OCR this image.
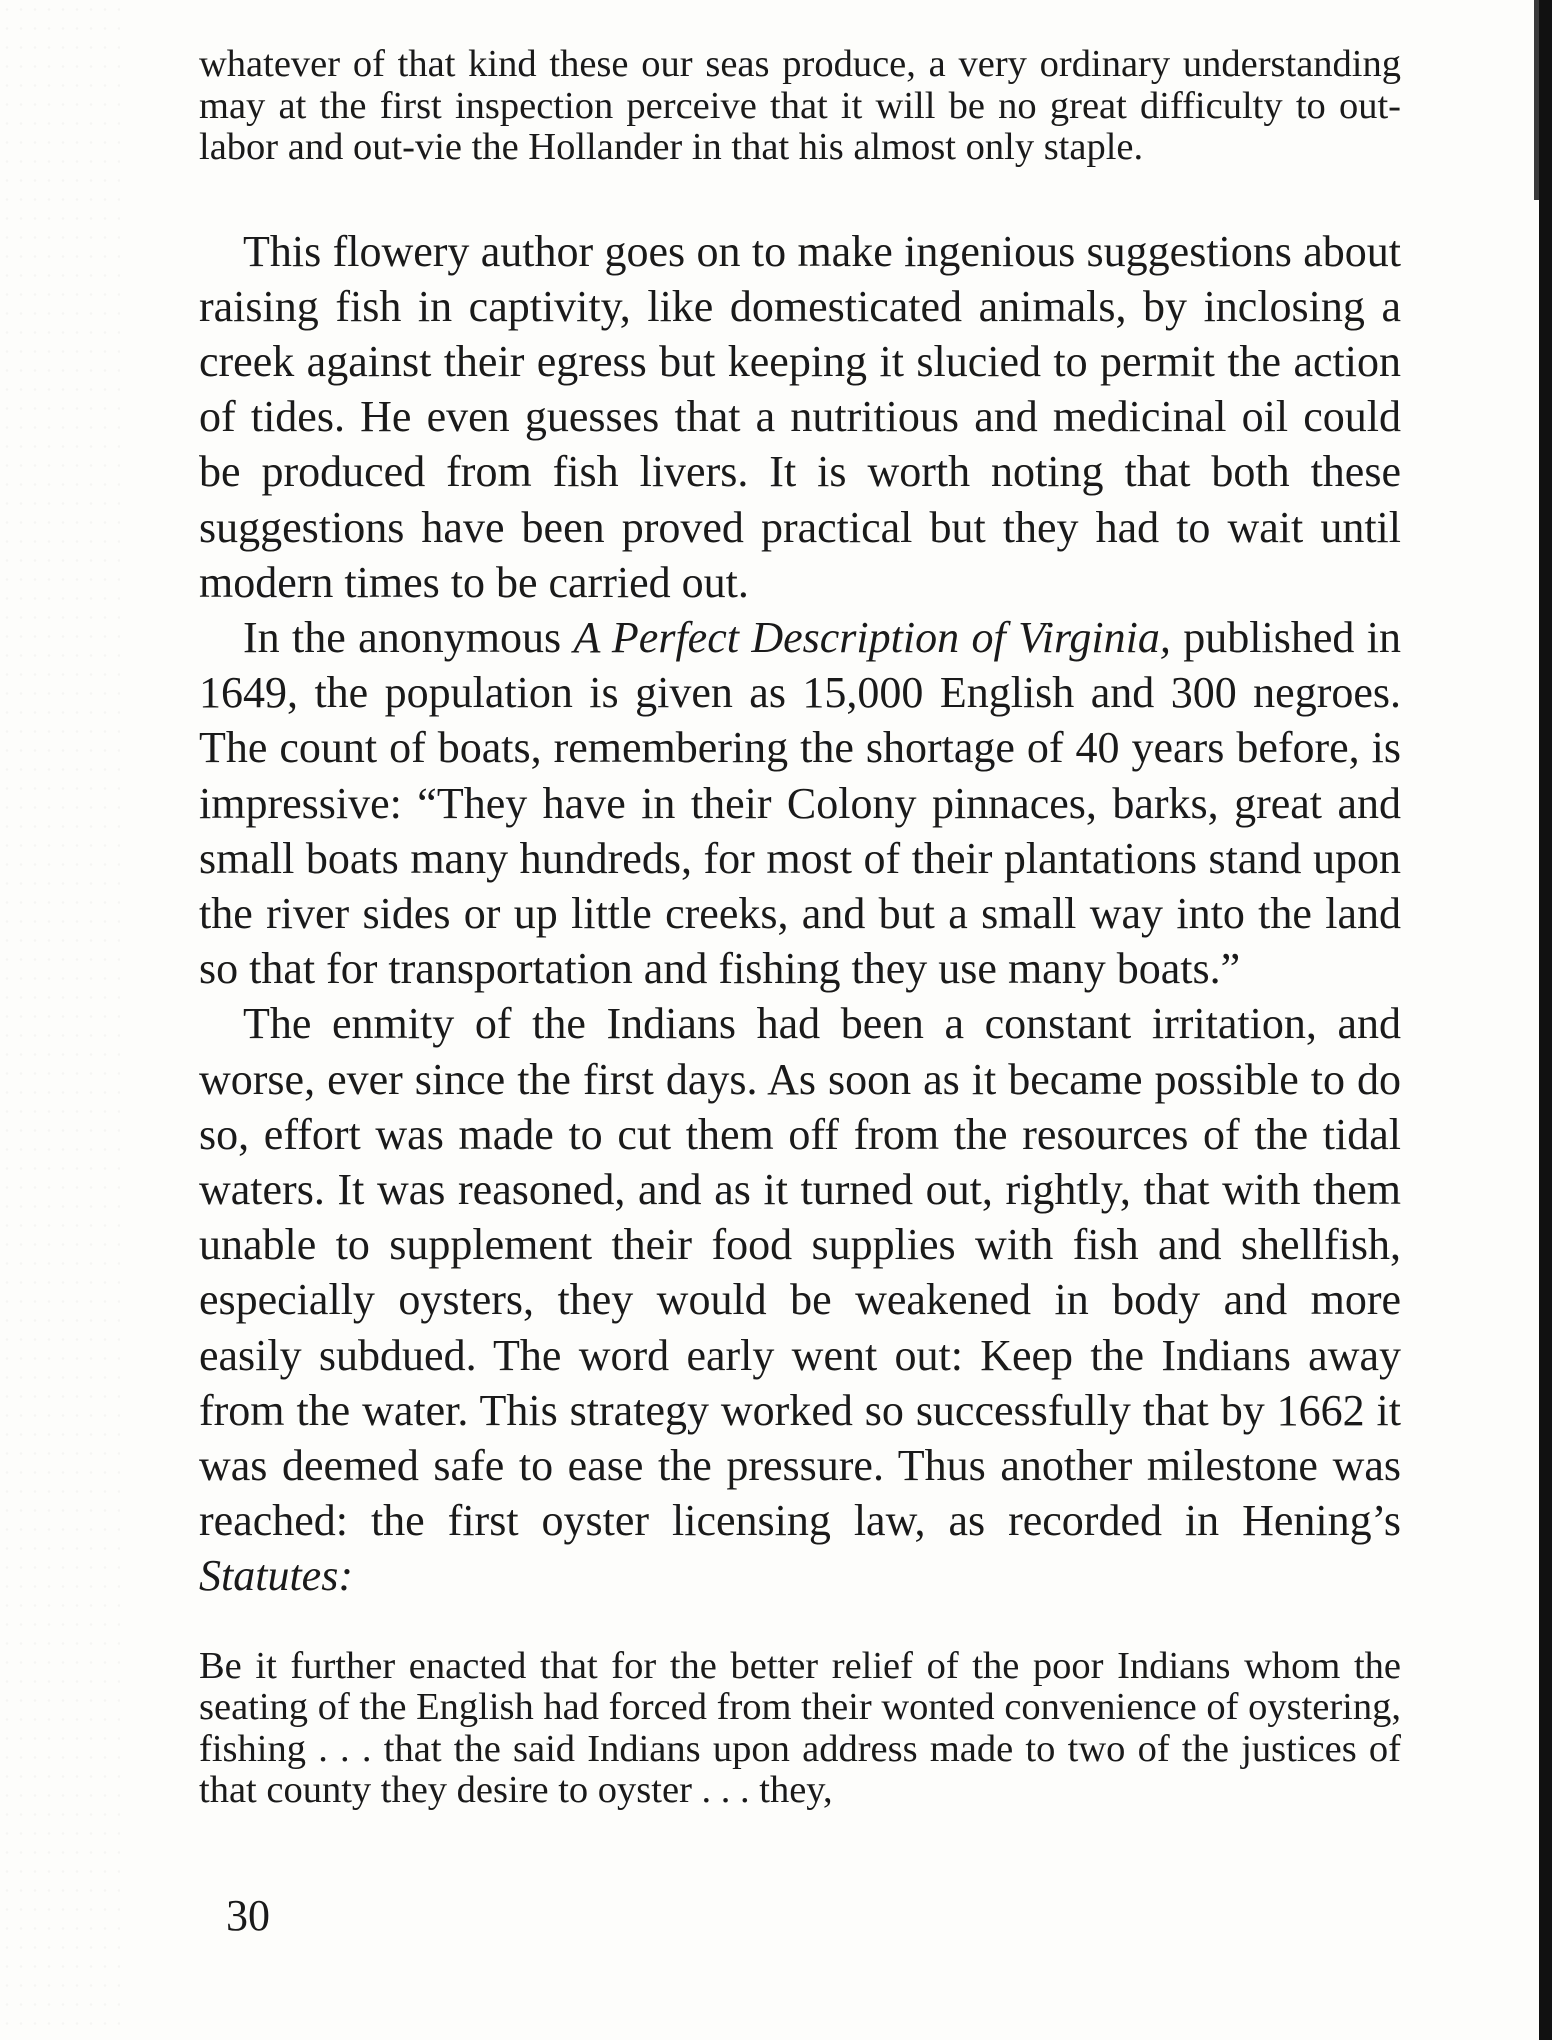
whatever of that kind these our seas produce, a very ordinary understanding may at the first inspection perceive that it will be no great difficulty to out-labor and out-vie the Hollander in that his almost only staple.

This flowery author goes on to make ingenious suggestions about raising fish in captivity, like domesticated animals, by inclosing a creek against their egress but keeping it slucied to permit the action of tides. He even guesses that a nutritious and medicinal oil could be produced from fish livers. It is worth noting that both these suggestions have been proved practical but they had to wait until modern times to be carried out.

In the anonymous A Perfect Description of Virginia, published in 1649, the population is given as 15,000 English and 300 negroes. The count of boats, remembering the shortage of 40 years before, is impressive: “They have in their Colony pinnaces, barks, great and small boats many hundreds, for most of their plantations stand upon the river sides or up little creeks, and but a small way into the land so that for transportation and fishing they use many boats.”

The enmity of the Indians had been a constant irritation, and worse, ever since the first days. As soon as it became possible to do so, effort was made to cut them off from the resources of the tidal waters. It was reasoned, and as it turned out, rightly, that with them unable to supplement their food supplies with fish and shellfish, especially oysters, they would be weakened in body and more easily subdued. The word early went out: Keep the Indians away from the water. This strategy worked so successfully that by 1662 it was deemed safe to ease the pressure. Thus another milestone was reached: the first oyster licensing law, as recorded in Hening’s Statutes:

Be it further enacted that for the better relief of the poor Indians whom the seating of the English had forced from their wonted convenience of oystering, fishing . . . that the said Indians upon address made to two of the justices of that county they desire to oyster . . . they,

30
